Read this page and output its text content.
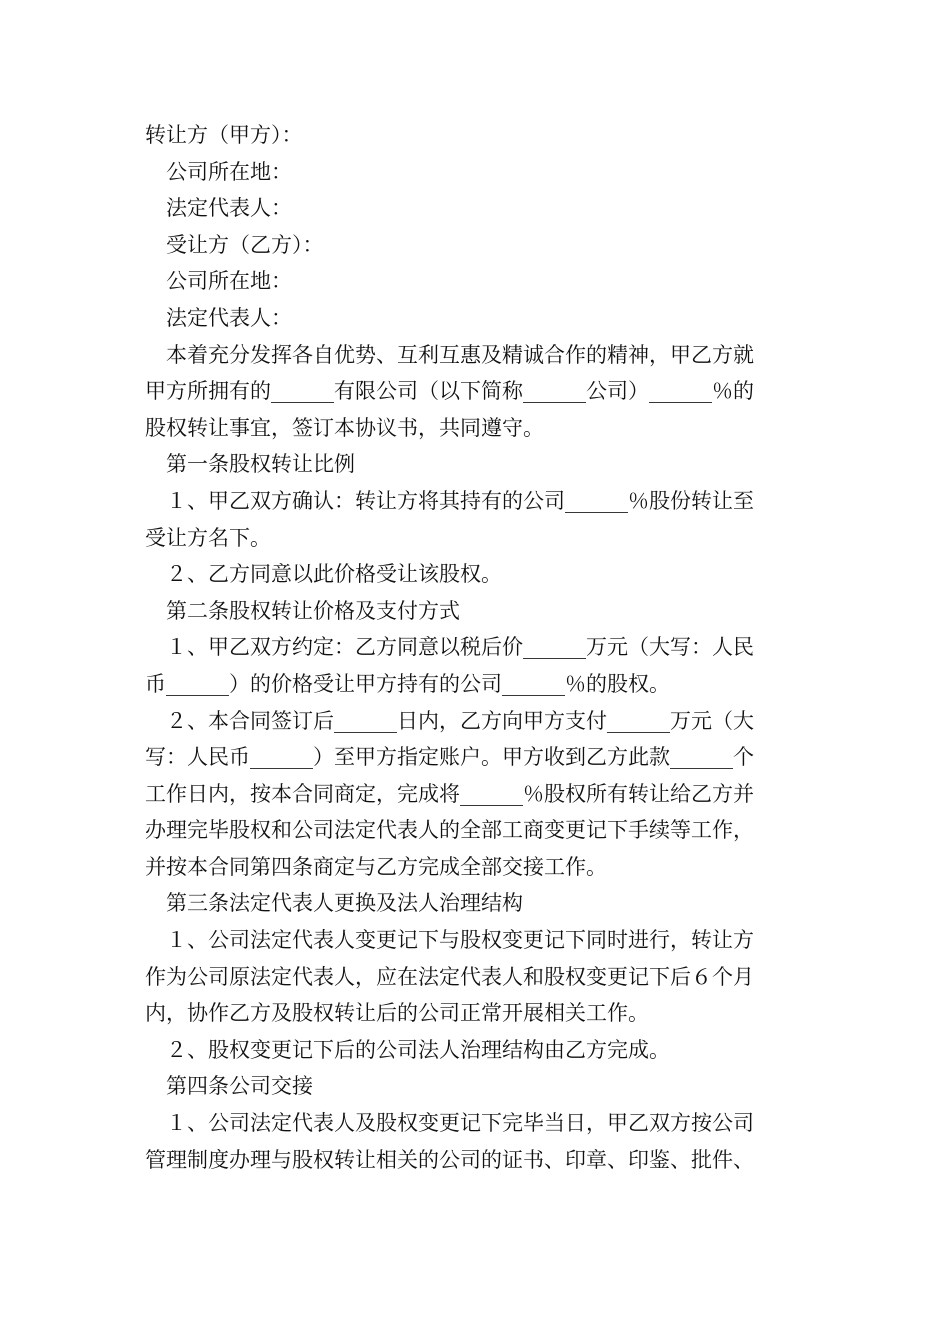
转让方（甲方）：
　公司所在地：
　法定代表人：
　受让方（乙方）：
　公司所在地：
　法定代表人：
　本着充分发挥各自优势、互利互惠及精诚合作的精神，甲乙方就
甲方所拥有的______有限公司（以下简称______公司）______％的
股权转让事宜，签订本协议书，共同遵守。
　第一条股权转让比例
　１、甲乙双方确认：转让方将其持有的公司______％股份转让至
受让方名下。
　２、乙方同意以此价格受让该股权。
　第二条股权转让价格及支付方式
　１、甲乙双方约定：乙方同意以税后价______万元（大写：人民
币______）的价格受让甲方持有的公司______％的股权。
　２、本合同签订后______日内，乙方向甲方支付______万元（大
写：人民币______）至甲方指定账户。甲方收到乙方此款______个
工作日内，按本合同商定，完成将______％股权所有转让给乙方并
办理完毕股权和公司法定代表人的全部工商变更记下手续等工作，
并按本合同第四条商定与乙方完成全部交接工作。
　第三条法定代表人更换及法人治理结构
　１、公司法定代表人变更记下与股权变更记下同时进行，转让方
作为公司原法定代表人，应在法定代表人和股权变更记下后６个月
内，协作乙方及股权转让后的公司正常开展相关工作。
　２、股权变更记下后的公司法人治理结构由乙方完成。
　第四条公司交接
　１、公司法定代表人及股权变更记下完毕当日，甲乙双方按公司
管理制度办理与股权转让相关的公司的证书、印章、印鉴、批件、
